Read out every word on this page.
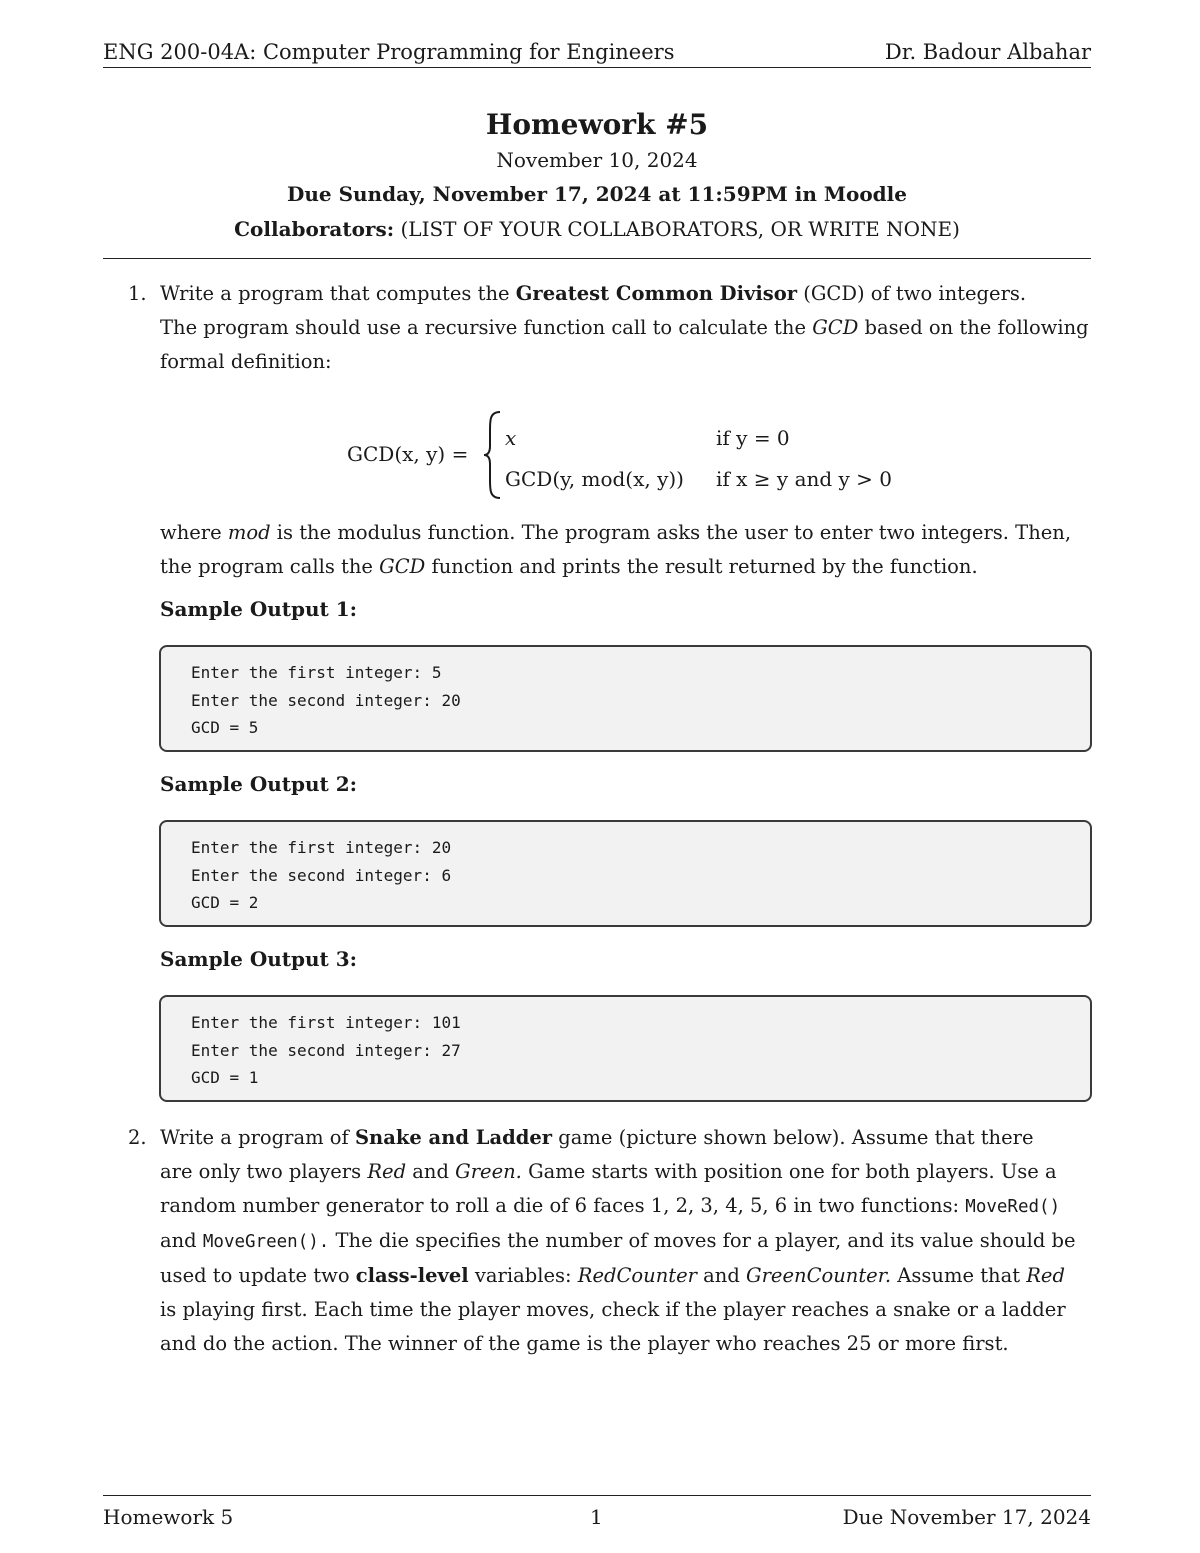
ENG 200-04A: Computer Programming for Engineers	Dr. Badour Albahar
Homework #5
November 10, 2024
Due Sunday, November 17, 2024 at 11:59PM in Moodle
Collaborators: (LIST OF YOUR COLLABORATORS, OR WRITE NONE)
1. Write a program that computes the Greatest Common Divisor (GCD) of two integers.
The program should use a recursive function call to calculate the GCD based on the following
formal definition:
GCD(x, y) =
x	if y = 0
GCD(y, mod(x, y)) if x ≥ y and y > 0
where mod is the modulus function. The program asks the user to enter two integers. Then,
the program calls the GCD function and prints the result returned by the function.
Sample Output 1:
Enter the first integer: 5
Enter the second integer: 20
GCD = 5
Sample Output 2:
Enter the first integer: 20
Enter the second integer: 6
GCD = 2
Sample Output 3:
Enter the first integer: 101
Enter the second integer: 27
GCD = 1
2. Write a program of Snake and Ladder game (picture shown below). Assume that there
are only two players Red and Green. Game starts with position one for both players. Use a
random number generator to roll a die of 6 faces 1, 2, 3, 4, 5, 6 in two functions: MoveRed()
and MoveGreen(). The die specifies the number of moves for a player, and its value should be
used to update two class-level variables: RedCounter and GreenCounter. Assume that Red
is playing first. Each time the player moves, check if the player reaches a snake or a ladder
and do the action. The winner of the game is the player who reaches 25 or more first.
Homework 5	1	Due November 17, 2024
